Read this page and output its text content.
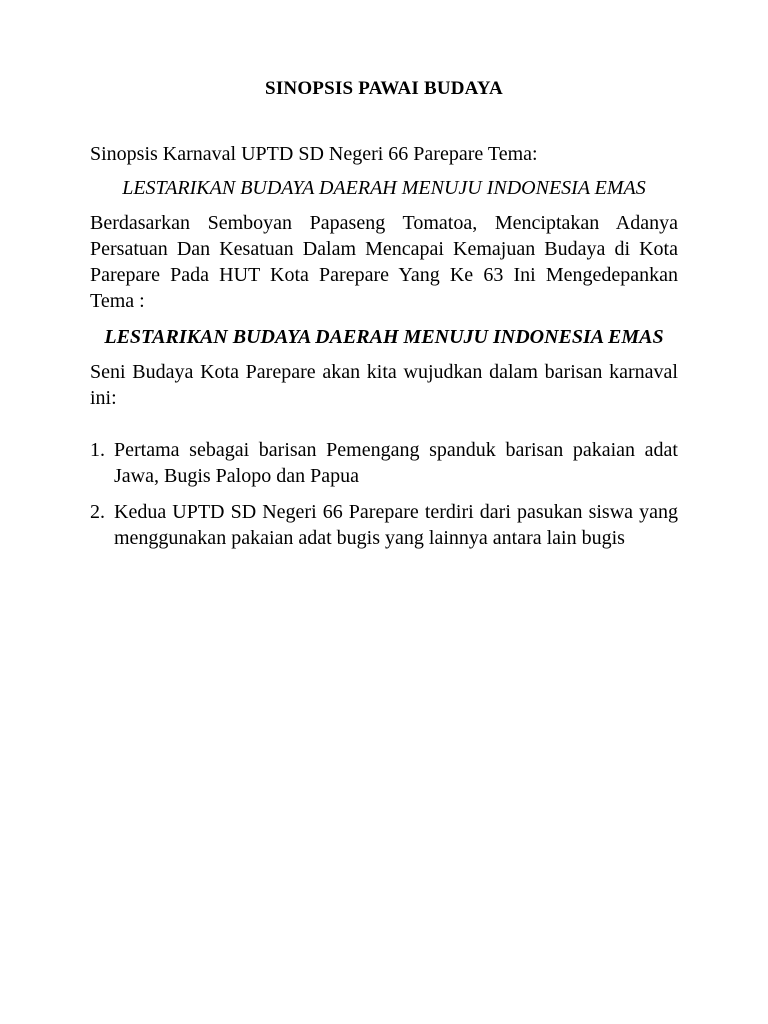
SINOPSIS PAWAI BUDAYA

Sinopsis Karnaval UPTD SD Negeri 66 Parepare Tema:

LESTARIKAN BUDAYA DAERAH MENUJU INDONESIA EMAS

Berdasarkan Semboyan Papaseng Tomatoa, Menciptakan Adanya Persatuan Dan Kesatuan Dalam Mencapai Kemajuan Budaya di Kota Parepare Pada HUT Kota Parepare Yang Ke 63 Ini Mengedepankan Tema :

LESTARIKAN BUDAYA DAERAH MENUJU INDONESIA EMAS

Seni Budaya Kota Parepare akan kita wujudkan dalam barisan karnaval ini:

1. Pertama sebagai barisan Pemengang spanduk barisan pakaian adat Jawa, Bugis Palopo dan Papua
2. Kedua UPTD SD Negeri 66 Parepare terdiri dari pasukan siswa yang menggunakan pakaian adat bugis yang lainnya antara lain bugis
